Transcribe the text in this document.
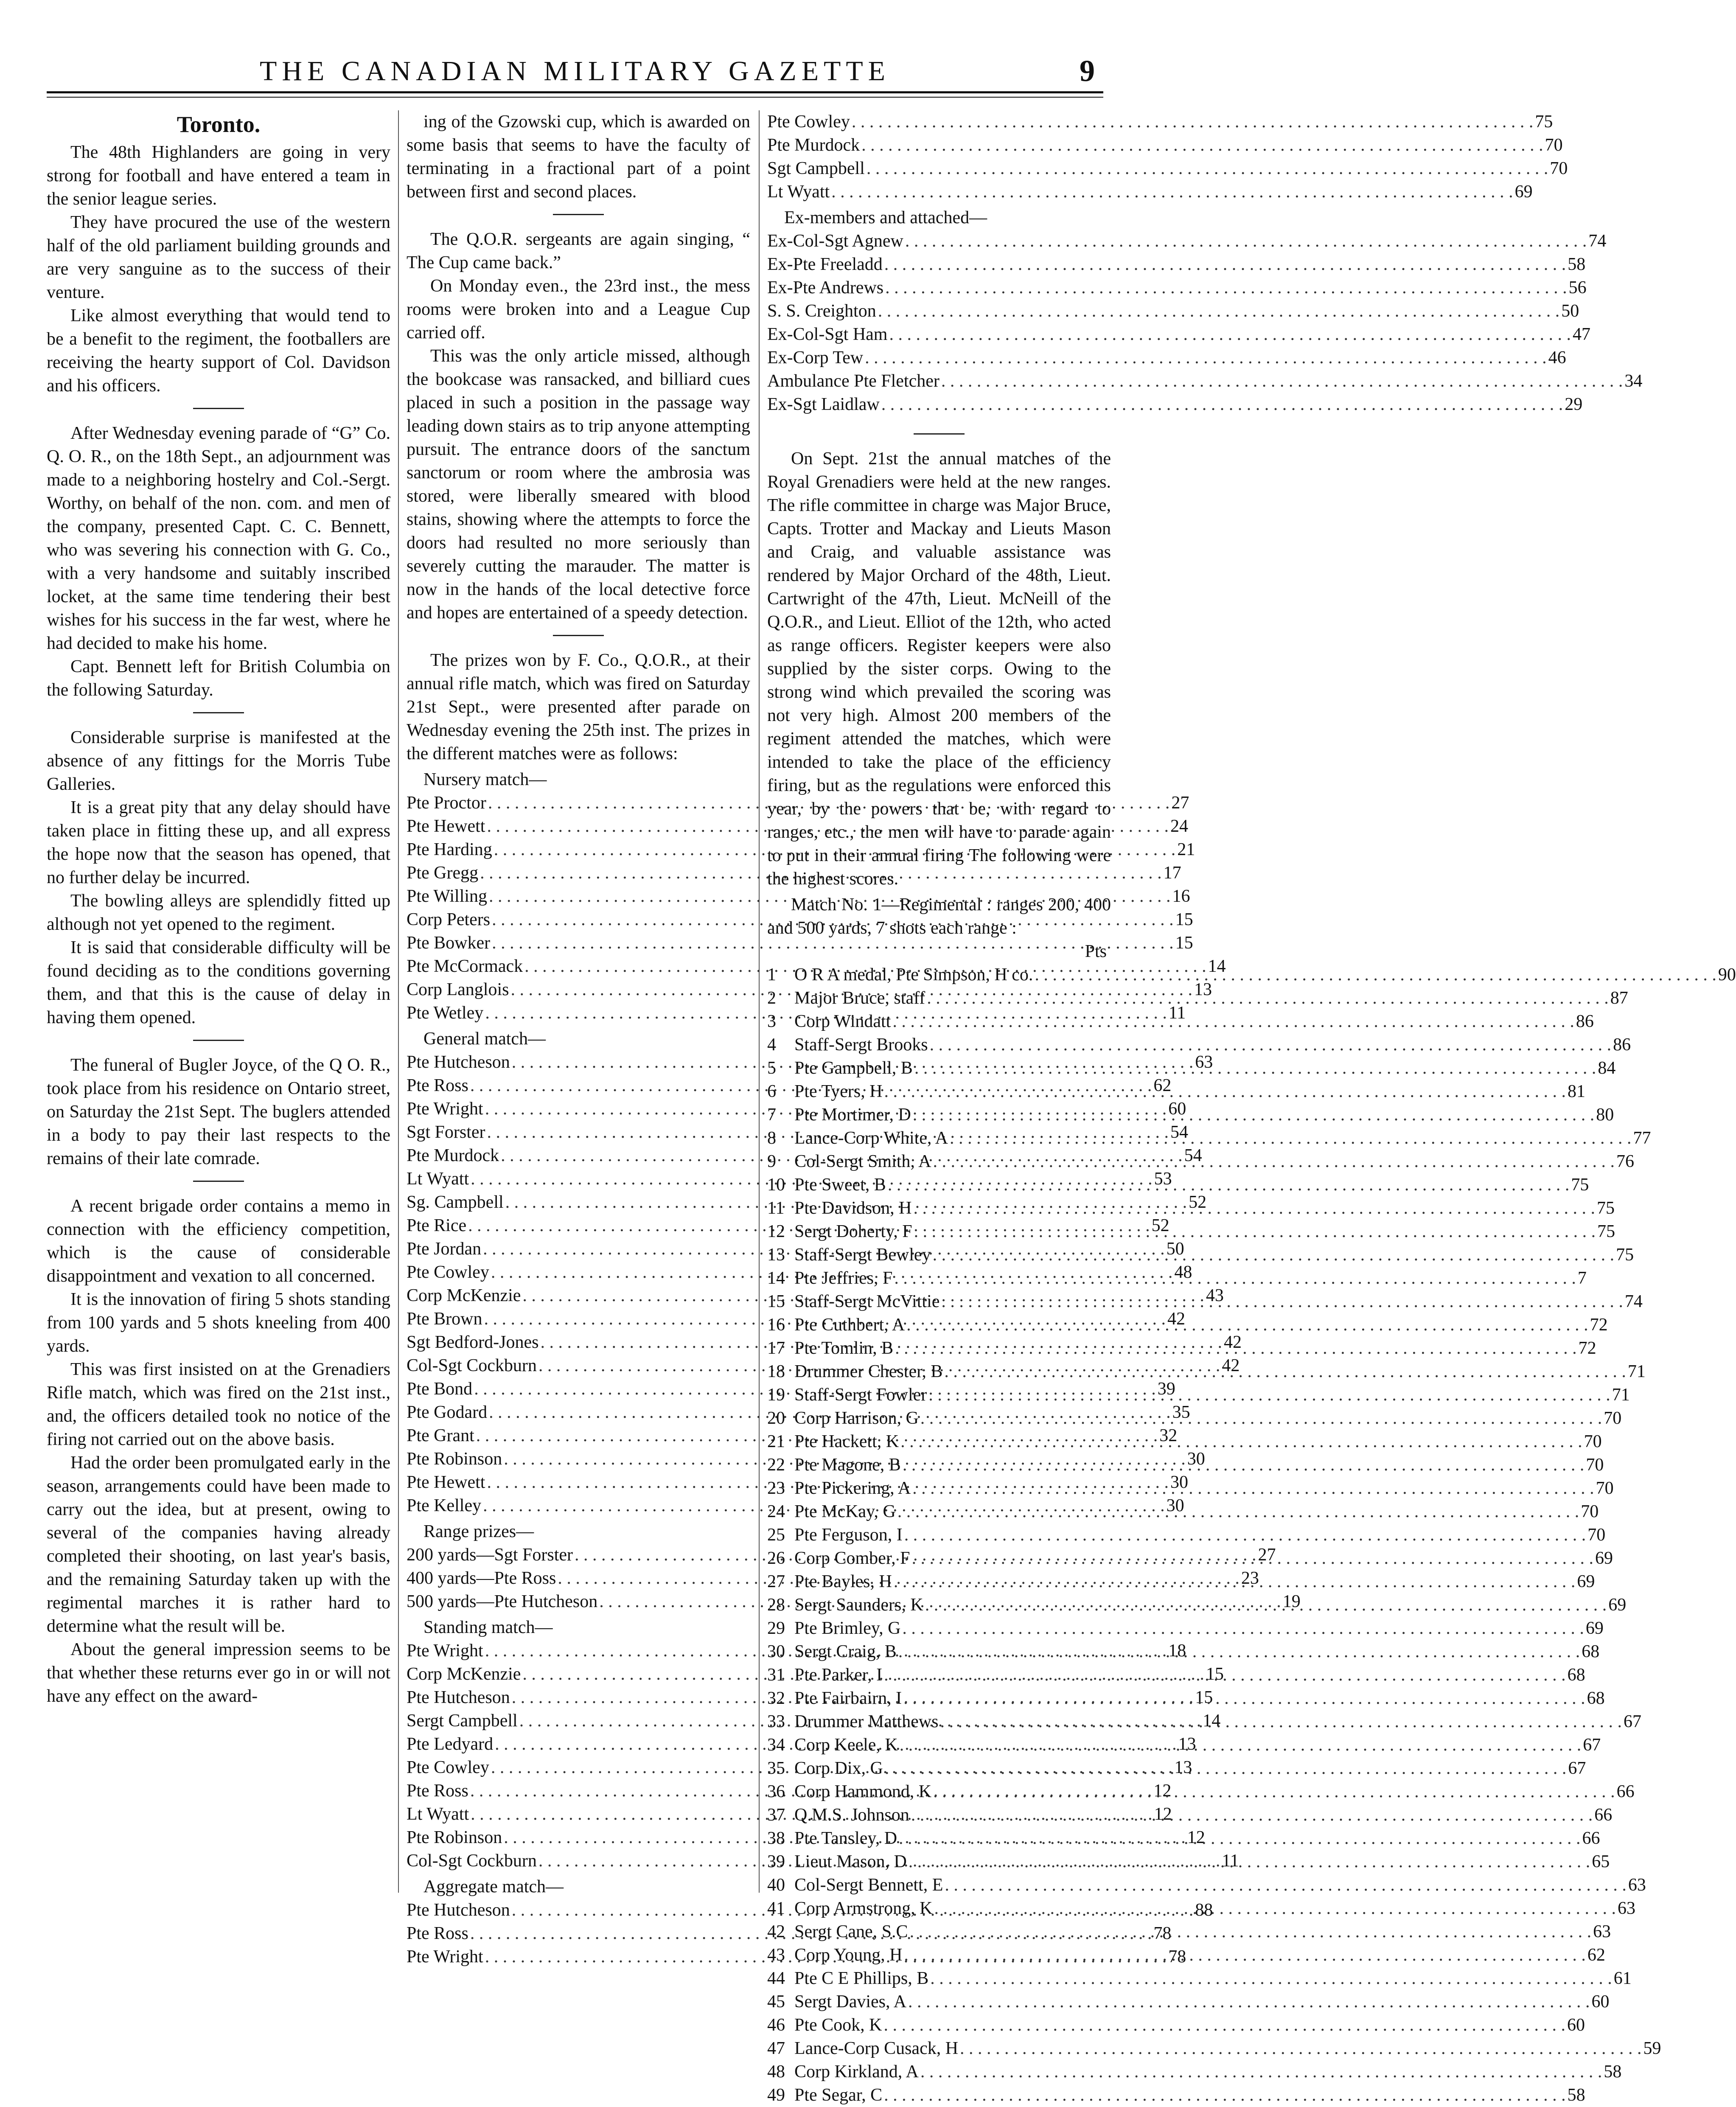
THE CANADIAN MILITARY GAZETTE	9
Toronto.

The 48th Highlanders are going in very strong for football and have entered a team in the senior league series.

They have procured the use of the western half of the old parliament building grounds and are very sanguine as to the success of their venture.

Like almost everything that would tend to be a benefit to the regiment, the footballers are receiving the hearty support of Col. Davidson and his officers.

After Wednesday evening parade of “G” Co. Q. O. R., on the 18th Sept., an adjournment was made to a neighboring hostelry and Col.-Sergt. Worthy, on behalf of the non. com. and men of the company, presented Capt. C. C. Bennett, who was severing his connection with G. Co., with a very handsome and suitably inscribed locket, at the same time tendering their best wishes for his success in the far west, where he had decided to make his home.

Capt. Bennett left for British Columbia on the following Saturday.

Considerable surprise is manifested at the absence of any fittings for the Morris Tube Galleries.

It is a great pity that any delay should have taken place in fitting these up, and all express the hope now that the season has opened, that no further delay be incurred.

The bowling alleys are splendidly fitted up although not yet opened to the regiment.

It is said that considerable difficulty will be found deciding as to the conditions governing them, and that this is the cause of delay in having them opened.

The funeral of Bugler Joyce, of the Q O. R., took place from his residence on Ontario street, on Saturday the 21st Sept. The buglers attended in a body to pay their last respects to the remains of their late comrade.

A recent brigade order contains a memo in connection with the efficiency competition, which is the cause of considerable disappointment and vexation to all concerned.

It is the innovation of firing 5 shots standing from 100 yards and 5 shots kneeling from 400 yards.

This was first insisted on at the Grenadiers Rifle match, which was fired on the 21st inst., and, the officers detailed took no notice of the firing not carried out on the above basis.

Had the order been promulgated early in the season, arrangements could have been made to carry out the idea, but at present, owing to several of the companies having already completed their shooting, on last year's basis, and the remaining Saturday taken up with the regimental marches it is rather hard to determine what the result will be.

About the general impression seems to be that whether these returns ever go in or will not have any effect on the award-

ing of the Gzowski cup, which is awarded on some basis that seems to have the faculty of terminating in a fractional part of a point between first and second places.

The Q.O.R. sergeants are again singing, “ The Cup came back.”

On Monday even., the 23rd inst., the mess rooms were broken into and a League Cup carried off.

This was the only article missed, although the bookcase was ransacked, and billiard cues placed in such a position in the passage way leading down stairs as to trip anyone attempting pursuit. The entrance doors of the sanctum sanctorum or room where the ambrosia was stored, were liberally smeared with blood stains, showing where the attempts to force the doors had resulted no more seriously than severely cutting the marauder. The matter is now in the hands of the local detective force and hopes are entertained of a speedy detection.

The prizes won by F. Co., Q.O.R., at their annual rifle match, which was fired on Saturday 21st Sept., were presented after parade on Wednesday evening the 25th inst. The prizes in the different matches were as follows:

Nursery match—
Pte Proctor . . .	27
Pte Hewett . . .	24
Pte Harding . . .	21
Pte Gregg . . .	17
Pte Willing . . .	16
Corp Peters . . .	15
Pte Bowker . . .	15
Pte McCormack . . .	14
Corp Langlois . . .	13
Pte Wetley . . .	11
General match—
Pte Hutcheson . . .	63
Pte Ross . . .	62
Pte Wright . . .	60
Sgt Forster . . .	54
Pte Murdock . . .	54
Lt Wyatt . . .	53
Sg. Campbell . . .	52
Pte Rice . . .	52
Pte Jordan . . .	50
Pte Cowley . . .	48
Corp McKenzie . . .	43
Pte Brown . . .	42
Sgt Bedford-Jones . . .	42
Col-Sgt Cockburn . . .	42
Pte Bond . . .	39
Pte Godard . . .	35
Pte Grant . . .	32
Pte Robinson . . .	30
Pte Hewett . . .	30
Pte Kelley . . .	30
Range prizes—
200 yards—Sgt Forster . . .	27
400 yards—Pte Ross . . .	23
500 yards—Pte Hutcheson . . .	19
Standing match—
Pte Wright . . .	18
Corp McKenzie . . .	15
Pte Hutcheson . . .	15
Sergt Campbell . . .	14
Pte Ledyard . . .	13
Pte Cowley . . .	13
Pte Ross . . .	12
Lt Wyatt . . .	12
Pte Robinson . . .	12
Col-Sgt Cockburn . . .	11
Aggregate match—
Pte Hutcheson . . .	88
Pte Ross . . .	78
Pte Wright . . .	78
Pte Cowley . . .	75
Pte Murdock . . .	70
Sgt Campbell . . .	70
Lt Wyatt . . .	69
Ex-members and attached—
Ex-Col-Sgt Agnew . . .	74
Ex-Pte Freeladd . . .	58
Ex-Pte Andrews . . .	56
S. S. Creighton . . .	50
Ex-Col-Sgt Ham . . .	47
Ex-Corp Tew . . .	46
Ambulance Pte Fletcher . . .	34
Ex-Sgt Laidlaw . . .	29

On Sept. 21st the annual matches of the Royal Grenadiers were held at the new ranges. The rifle committee in charge was Major Bruce, Capts. Trotter and Mackay and Lieuts Mason and Craig, and valuable assistance was rendered by Major Orchard of the 48th, Lieut. Cartwright of the 47th, Lieut. McNeill of the Q.O.R., and Lieut. Elliot of the 12th, who acted as range officers. Register keepers were also supplied by the sister corps. Owing to the strong wind which prevailed the scoring was not very high. Almost 200 members of the regiment attended the matches, which were intended to take the place of the efficiency firing, but as the regulations were enforced this year, by the powers that be, with regard to ranges, etc., the men will have to parade again to put in their annual firing The following were the highest scores.

Match No. 1—Regimental : ranges 200, 400 and 500 yards, 7 shots each range :

Pts
1	O R A medal, Pte Simpson, H co. . . .	90
2	Major Bruce, staff . . .	87
3	Corp Windatt . . .	86
4	Staff-Sergt Brooks . . .	86
5	Pte Gampbell, B . . .	84
6	Pte Tyers, H . . .	81
7	Pte Mortimer, D . . .	80
8	Lance-Corp White, A . . .	77
9	Col-Sergt Smith, A . . .	76
10 Pte Sweet, B . . .	75
11 Pte Davidson, H . . .	75
12 Sergt Doherty, F . . .	75
13 Staff-Sergt Bewley . . .	75
14 Pte Jeffries, F . . .	7
15 Staff-Sergt McVittie . . .	74
16 Pte Cuthbert, A . . .	72
17 Pte Tomlin, B . . .	72
18 Drummer Chester, B . . .	71
19 Staff-Sergt Fowler . . .	71
20 Corp Harrison, G . . .	70
21 Pte Hackett, K . . .	70
22 Pte Magone, B . . .	70
23 Pte Pickering, A . . .	70
24 Pte McKay, G . . .	70
25 Pte Ferguson, I . . .	70
26 Corp Comber, F . . .	69
27 Pte Bayles, H . . .	69
28 Sergt Saunders, K . . .	69
29 Pte Brimley, G . . .	69
30 Sergt Craig, B . . .	68
31 Pte Parker, I . . .	68
32 Pte Fairbairn, I . . .	68
33 Drummer Matthews . . .	67
34 Corp Keele, K . . .	67
35 Corp Dix, G . . .	67
36 Corp Hammond, K . . .	66
37 Q.M.S. Johnson . . .	66
38 Pte Tansley, D . . .	66
39 Lieut Mason, D . . .	65
40 Col-Sergt Bennett, E . . .	63
41 Corp Armstrong, K . . .	63
42 Sergt Cane, S.C . . .	63
43 Corp Young, H . . .	62
44 Pte C E Phillips, B . . .	61
45 Sergt Davies, A . . .	60
46 Pte Cook, K . . .	60
47 Lance-Corp Cusack, H . . .	59
48 Corp Kirkland, A . . .	58
49 Pte Segar, C . . .	58
